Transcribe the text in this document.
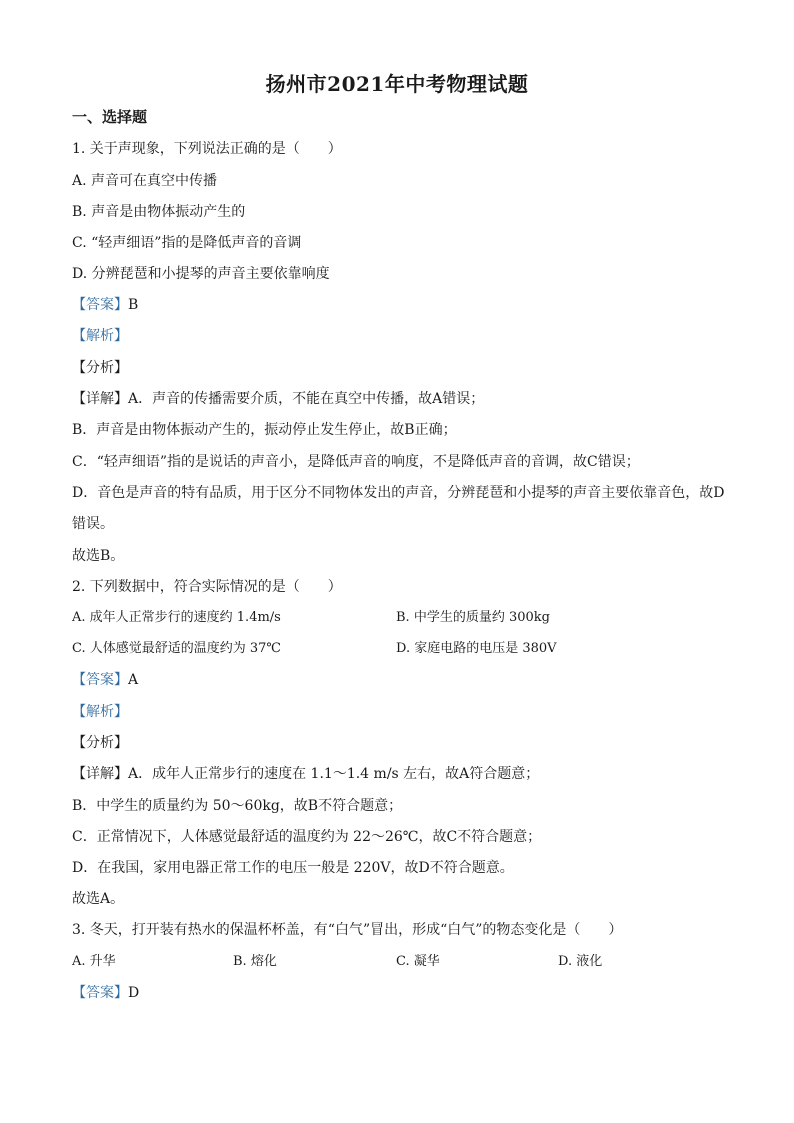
扬州市2021年中考物理试题
一、选择题
1. 关于声现象，下列说法正确的是（　　）
A. 声音可在真空中传播
B. 声音是由物体振动产生的
C. “轻声细语”指的是降低声音的音调
D. 分辨琵琶和小提琴的声音主要依靠响度
【答案】B
【解析】
【分析】
【详解】A．声音的传播需要介质，不能在真空中传播，故A错误；
B．声音是由物体振动产生的，振动停止发生停止，故B正确；
C．“轻声细语”指的是说话的声音小，是降低声音的响度，不是降低声音的音调，故C错误；
D．音色是声音的特有品质，用于区分不同物体发出的声音，分辨琵琶和小提琴的声音主要依靠音色，故D
错误。
故选B。
2. 下列数据中，符合实际情况的是（　　）
A. 成年人正常步行的速度约 1.4m/s	B. 中学生的质量约 300kg
C. 人体感觉最舒适的温度约为 37℃	D. 家庭电路的电压是 380V
【答案】A
【解析】
【分析】
【详解】A．成年人正常步行的速度在 1.1～1.4 m/s 左右，故A符合题意；
B．中学生的质量约为 50～60kg，故B不符合题意；
C．正常情况下，人体感觉最舒适的温度约为 22～26℃，故C不符合题意；
D．在我国，家用电器正常工作的电压一般是 220V，故D不符合题意。
故选A。
3. 冬天，打开装有热水的保温杯杯盖，有“白气”冒出，形成“白气”的物态变化是（　　）
A. 升华	B. 熔化	C. 凝华	D. 液化
【答案】D
